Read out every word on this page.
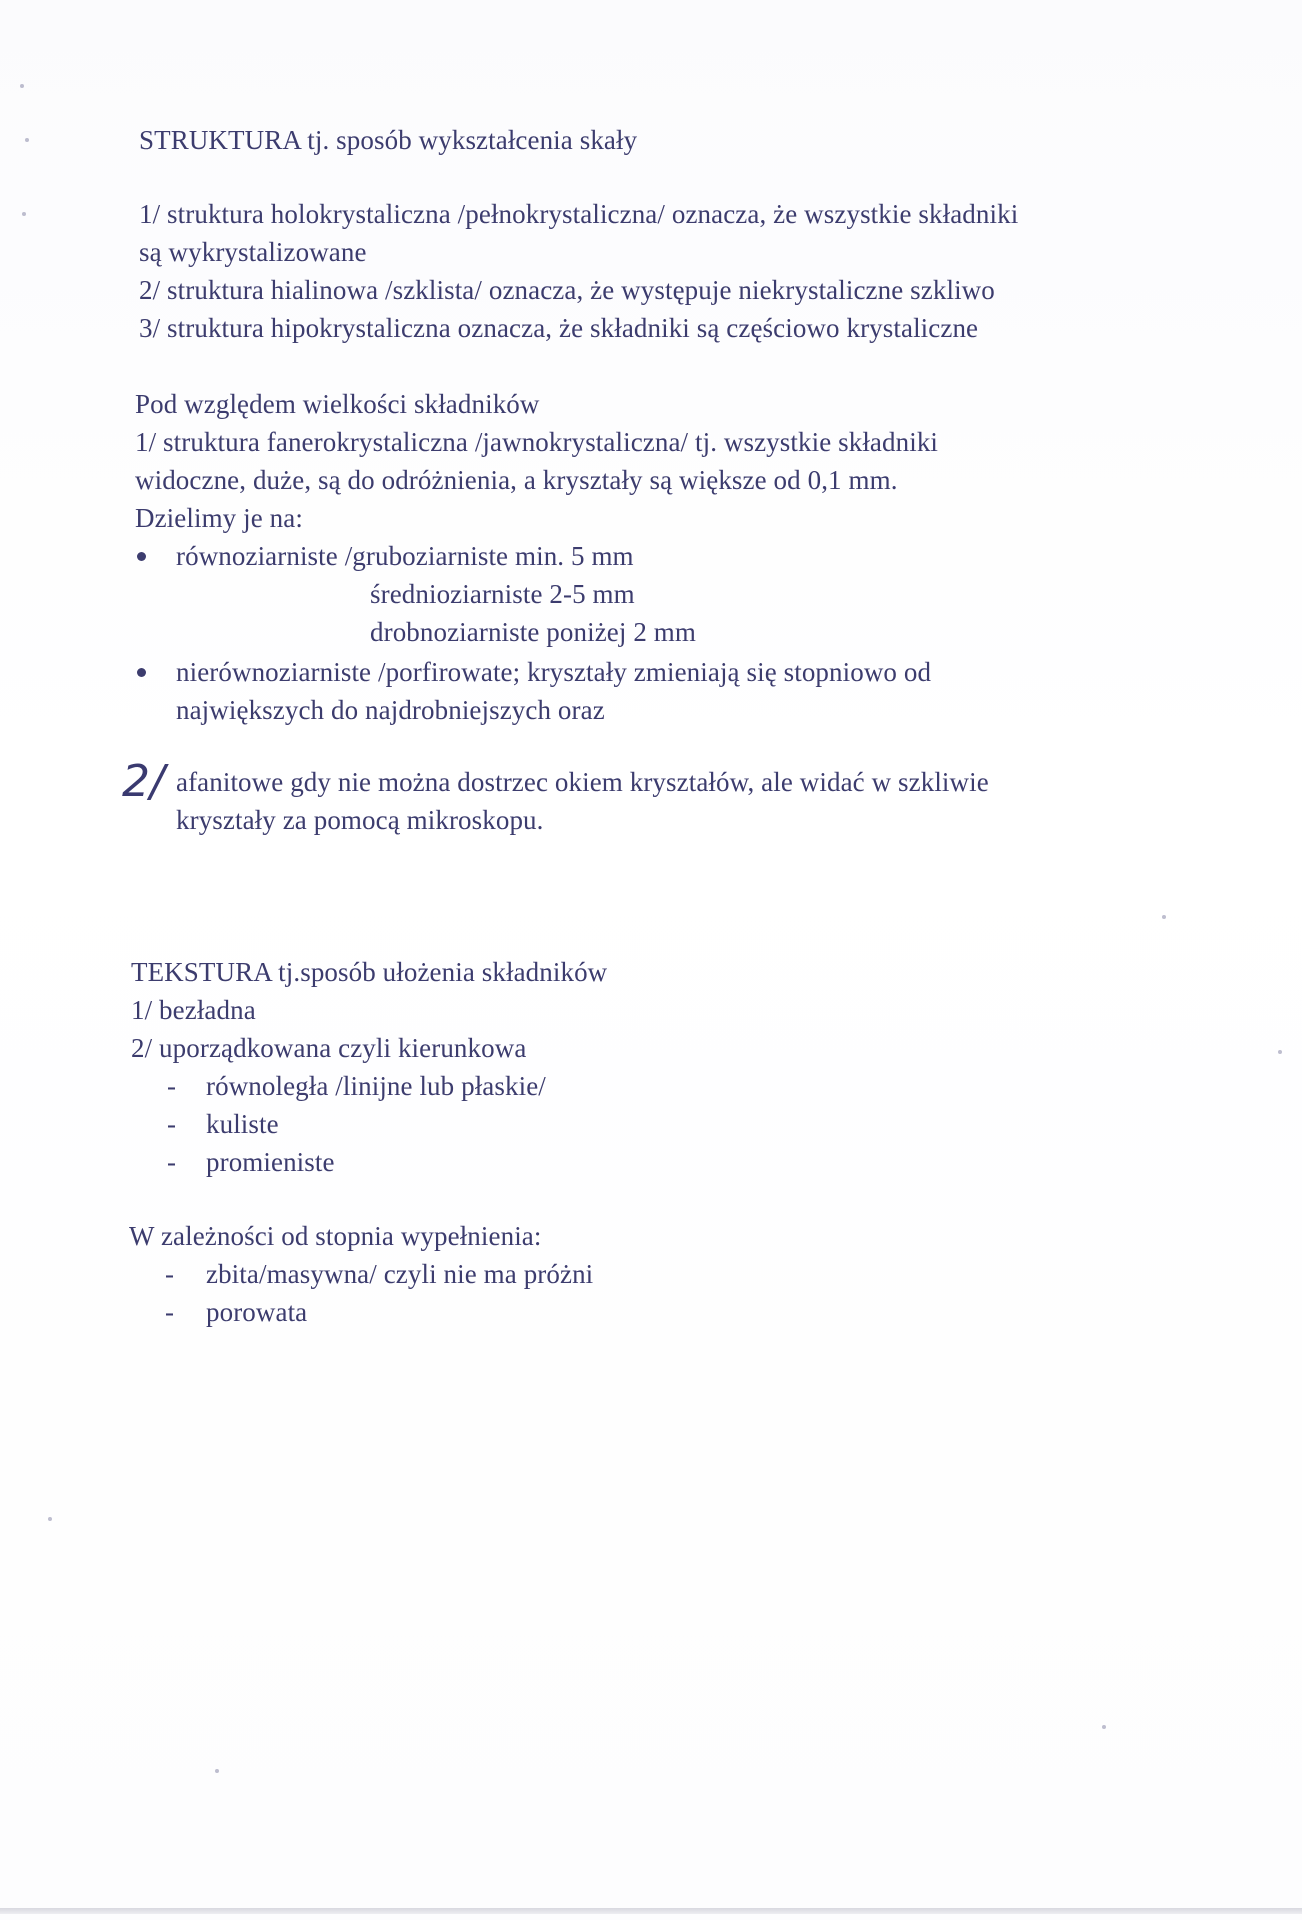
STRUKTURA tj. sposób wykształcenia skały
1/ struktura holokrystaliczna /pełnokrystaliczna/ oznacza, że wszystkie składniki
są wykrystalizowane
2/ struktura hialinowa /szklista/ oznacza, że występuje niekrystaliczne szkliwo
3/ struktura hipokrystaliczna oznacza, że składniki są częściowo krystaliczne
Pod względem wielkości składników
1/ struktura fanerokrystaliczna /jawnokrystaliczna/ tj. wszystkie składniki
widoczne, duże, są do odróżnienia, a kryształy są większe od 0,1 mm.
Dzielimy je na:
równoziarniste /gruboziarniste min. 5 mm
średnioziarniste 2-5 mm
drobnoziarniste poniżej 2 mm
nierównoziarniste /porfirowate; kryształy zmieniają się stopniowo od
największych do najdrobniejszych oraz
2/ afanitowe gdy nie można dostrzec okiem kryształów, ale widać w szkliwie
kryształy za pomocą mikroskopu.
TEKSTURA tj.sposób ułożenia składników
1/ bezładna
2/ uporządkowana czyli kierunkowa
- równoległa /linijne lub płaskie/
- kuliste
- promieniste
W zależności od stopnia wypełnienia:
- zbita/masywna/ czyli nie ma próżni
- porowata
